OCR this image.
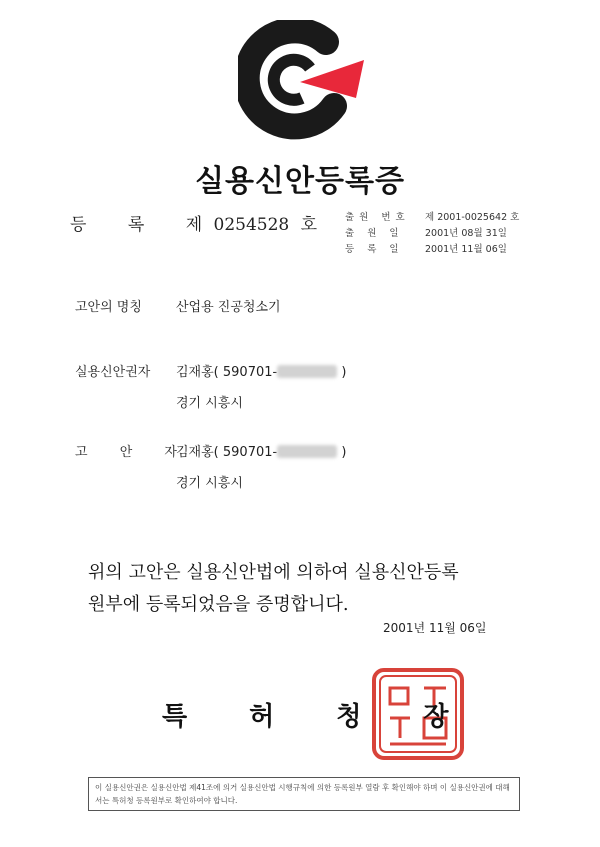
실용신안등록증
등 록 제 0254528 호	출원 번호 제 2001-0025642 호
출 원 일 2001년 08월 31일
등 록 일 2001년 11월 06일
고안의 명칭	산업용 진공청소기
실용신안권자 김재홍( 590701-	)
경기 시흥시
고 안 자
김재홍( 590701-	)
경기 시흥시
위의 고안은 실용신안법에 의하여 실용신안등록
원부에 등록되었음을 증명합니다.
2001년 11월 06일
특허청장
이 실용신안권은 실용신안법 제41조에 의거 실용신안법 시행규칙에 의한 등록원부 열람 후 확인해야 하며 이 실용신안권에 대해서는 특허청 등록원부로 확인하여야 합니다.
